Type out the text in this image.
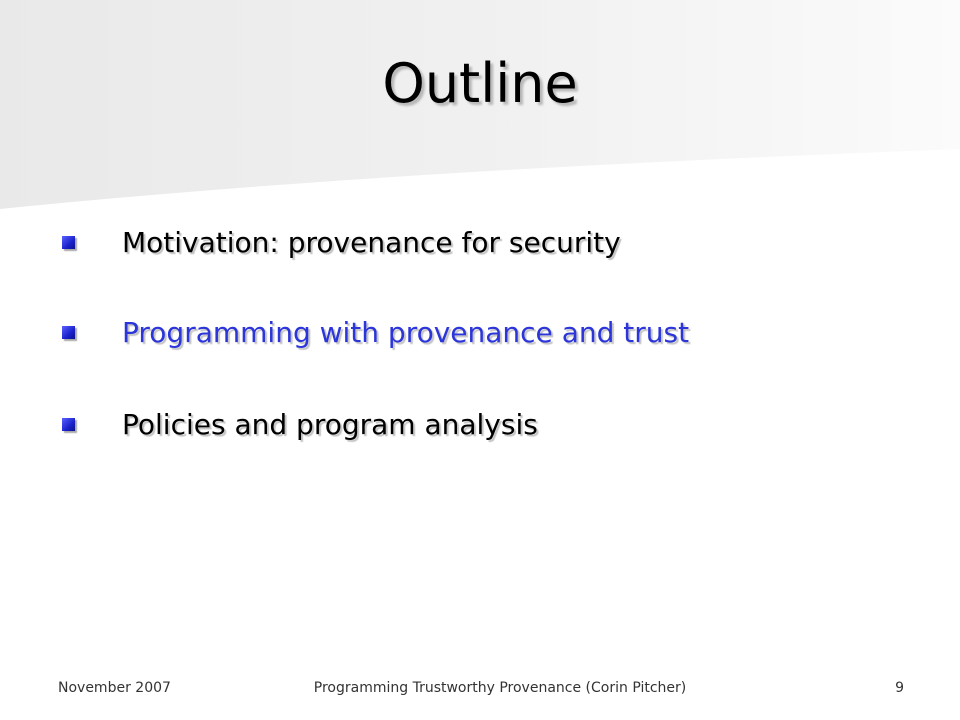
Outline
Motivation: provenance for security
Programming with provenance and trust
Policies and program analysis
November 2007	Programming Trustworthy Provenance (Corin Pitcher)	9
